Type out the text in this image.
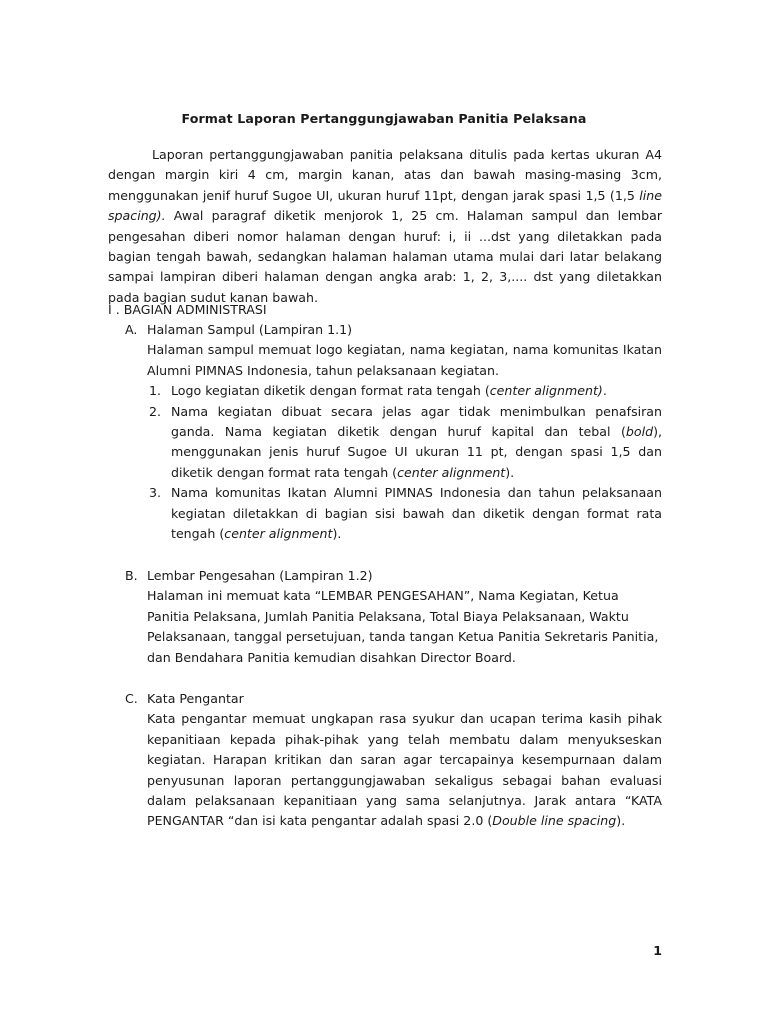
Format Laporan Pertanggungjawaban Panitia Pelaksana

Laporan pertanggungjawaban panitia pelaksana ditulis pada kertas ukuran A4 dengan margin kiri 4 cm, margin kanan, atas dan bawah masing-masing 3cm, menggunakan jenif huruf Sugoe UI, ukuran huruf 11pt, dengan jarak spasi 1,5 (1,5 line spacing). Awal paragraf diketik menjorok 1, 25 cm. Halaman sampul dan lembar pengesahan diberi nomor halaman dengan huruf: i, ii ...dst yang diletakkan pada bagian tengah bawah, sedangkan halaman halaman utama mulai dari latar belakang sampai lampiran diberi halaman dengan angka arab: 1, 2, 3,.... dst yang diletakkan pada bagian sudut kanan bawah.

I . BAGIAN ADMINISTRASI
A. Halaman Sampul (Lampiran 1.1)
Halaman sampul memuat logo kegiatan, nama kegiatan, nama komunitas Ikatan Alumni PIMNAS Indonesia, tahun pelaksanaan kegiatan.
1. Logo kegiatan diketik dengan format rata tengah (center alignment).
2. Nama kegiatan dibuat secara jelas agar tidak menimbulkan penafsiran ganda. Nama kegiatan diketik dengan huruf kapital dan tebal (bold), menggunakan jenis huruf Sugoe UI ukuran 11 pt, dengan spasi 1,5 dan diketik dengan format rata tengah (center alignment).
3. Nama komunitas Ikatan Alumni PIMNAS Indonesia dan tahun pelaksanaan kegiatan diletakkan di bagian sisi bawah dan diketik dengan format rata tengah (center alignment).
B. Lembar Pengesahan (Lampiran 1.2)
Halaman ini memuat kata “LEMBAR PENGESAHAN”, Nama Kegiatan, Ketua Panitia Pelaksana, Jumlah Panitia Pelaksana, Total Biaya Pelaksanaan, Waktu Pelaksanaan, tanggal persetujuan, tanda tangan Ketua Panitia Sekretaris Panitia, dan Bendahara Panitia kemudian disahkan Director Board.
C. Kata Pengantar
Kata pengantar memuat ungkapan rasa syukur dan ucapan terima kasih pihak kepanitiaan kepada pihak-pihak yang telah membatu dalam menyukseskan kegiatan. Harapan kritikan dan saran agar tercapainya kesempurnaan dalam penyusunan laporan pertanggungjawaban sekaligus sebagai bahan evaluasi dalam pelaksanaan kepanitiaan yang sama selanjutnya. Jarak antara “KATA PENGANTAR “dan isi kata pengantar adalah spasi 2.0 (Double line spacing).
1
